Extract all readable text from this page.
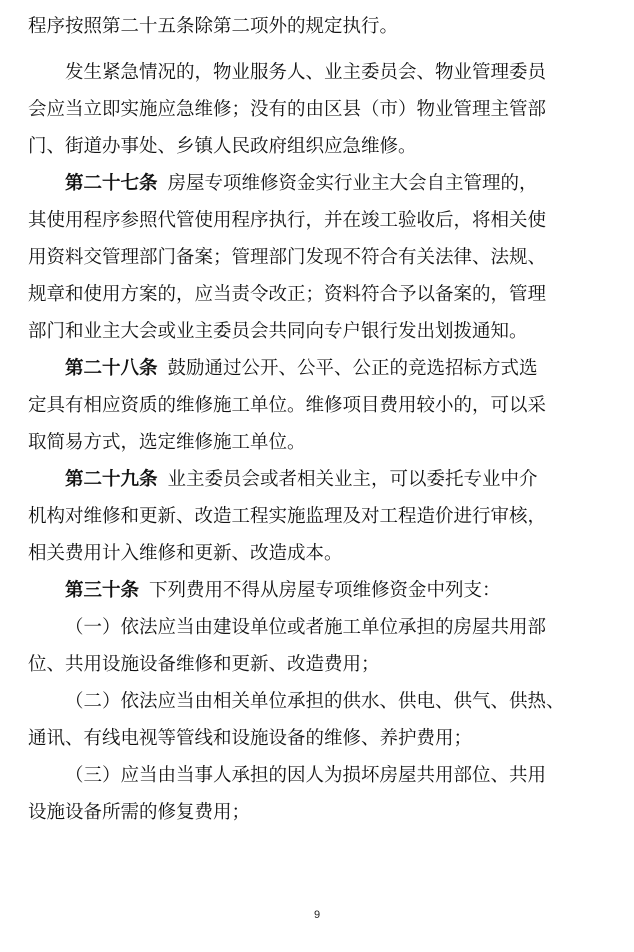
程序按照第二十五条除第二项外的规定执行。
发生紧急情况的，物业服务人、业主委员会、物业管理委员
会应当立即实施应急维修；没有的由区县（市）物业管理主管部
门、街道办事处、乡镇人民政府组织应急维修。
第二十七条 房屋专项维修资金实行业主大会自主管理的，
其使用程序参照代管使用程序执行，并在竣工验收后，将相关使
用资料交管理部门备案；管理部门发现不符合有关法律、法规、
规章和使用方案的，应当责令改正；资料符合予以备案的，管理
部门和业主大会或业主委员会共同向专户银行发出划拨通知。
第二十八条 鼓励通过公开、公平、公正的竞选招标方式选
定具有相应资质的维修施工单位。维修项目费用较小的，可以采
取简易方式，选定维修施工单位。
第二十九条 业主委员会或者相关业主，可以委托专业中介
机构对维修和更新、改造工程实施监理及对工程造价进行审核，
相关费用计入维修和更新、改造成本。
第三十条 下列费用不得从房屋专项维修资金中列支：
（一）依法应当由建设单位或者施工单位承担的房屋共用部
位、共用设施设备维修和更新、改造费用；
（二）依法应当由相关单位承担的供水、供电、供气、供热、
通讯、有线电视等管线和设施设备的维修、养护费用；
（三）应当由当事人承担的因人为损坏房屋共用部位、共用
设施设备所需的修复费用；
9
